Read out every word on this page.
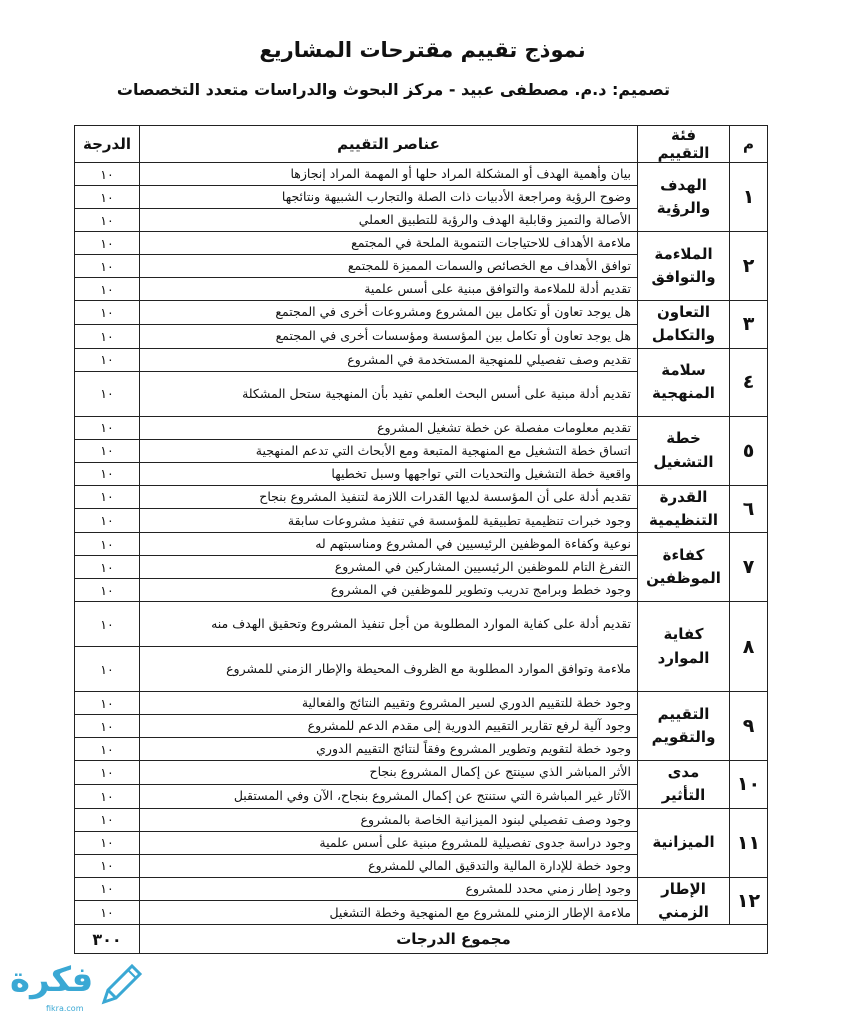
نموذج تقييم مقترحات المشاريع
تصميم: د.م. مصطفى عبيد - مركز البحوث والدراسات متعدد التخصصات
م	فئة التقييم	عناصر التقييم	الدرجة
١	الهدف والرؤية	بيان وأهمية الهدف أو المشكلة المراد حلها أو المهمة المراد إنجازها	١٠
		وضوح الرؤية ومراجعة الأدبيات ذات الصلة والتجارب الشبيهة ونتائجها	١٠
		الأصالة والتميز وقابلية الهدف والرؤية للتطبيق العملي	١٠
٢	الملاءمة والتوافق	ملاءمة الأهداف للاحتياجات التنموية الملحة في المجتمع	١٠
		توافق الأهداف مع الخصائص والسمات المميزة للمجتمع	١٠
		تقديم أدلة للملاءمة والتوافق مبنية على أسس علمية	١٠
٣	التعاون والتكامل	هل يوجد تعاون أو تكامل بين المشروع ومشروعات أخرى في المجتمع	١٠
		هل يوجد تعاون أو تكامل بين المؤسسة ومؤسسات أخرى في المجتمع	١٠
٤	سلامة المنهجية	تقديم وصف تفصيلي للمنهجية المستخدمة في المشروع	١٠
		تقديم أدلة مبنية على أسس البحث العلمي تفيد بأن المنهجية ستحل المشكلة	١٠
٥	خطة التشغيل	تقديم معلومات مفصلة عن خطة تشغيل المشروع	١٠
		اتساق خطة التشغيل مع المنهجية المتبعة ومع الأبحاث التي تدعم المنهجية	١٠
		واقعية خطة التشغيل والتحديات التي تواجهها وسبل تخطيها	١٠
٦	القدرة التنظيمية	تقديم أدلة على أن المؤسسة لديها القدرات اللازمة لتنفيذ المشروع بنجاح	١٠
		وجود خبرات تنظيمية تطبيقية للمؤسسة في تنفيذ مشروعات سابقة	١٠
٧	كفاءة الموظفين	نوعية وكفاءة الموظفين الرئيسيين في المشروع ومناسبتهم له	١٠
		التفرغ التام للموظفين الرئيسيين المشاركين في المشروع	١٠
		وجود خطط وبرامج تدريب وتطوير للموظفين في المشروع	١٠
٨	كفاية الموارد	تقديم أدلة على كفاية الموارد المطلوبة من أجل تنفيذ المشروع وتحقيق الهدف منه	١٠
		ملاءمة وتوافق الموارد المطلوبة مع الظروف المحيطة والإطار الزمني للمشروع	١٠
٩	التقييم والتقويم	وجود خطة للتقييم الدوري لسير المشروع وتقييم النتائج والفعالية	١٠
		وجود آلية لرفع تقارير التقييم الدورية إلى مقدم الدعم للمشروع	١٠
		وجود خطة لتقويم وتطوير المشروع وفقاً لنتائج التقييم الدوري	١٠
١٠	مدى التأثير	الأثر المباشر الذي سينتج عن إكمال المشروع بنجاح	١٠
		الآثار غير المباشرة التي ستنتج عن إكمال المشروع بنجاح، الآن وفي المستقبل	١٠
١١	الميزانية	وجود وصف تفصيلي لبنود الميزانية الخاصة بالمشروع	١٠
		وجود دراسة جدوى تفصيلية للمشروع مبنية على أسس علمية	١٠
		وجود خطة للإدارة المالية والتدقيق المالي للمشروع	١٠
١٢	الإطار الزمني	وجود إطار زمني محدد للمشروع	١٠
		ملاءمة الإطار الزمني للمشروع مع المنهجية وخطة التشغيل	١٠
مجموع الدرجات			٣٠٠
فكرة
fikra.com
